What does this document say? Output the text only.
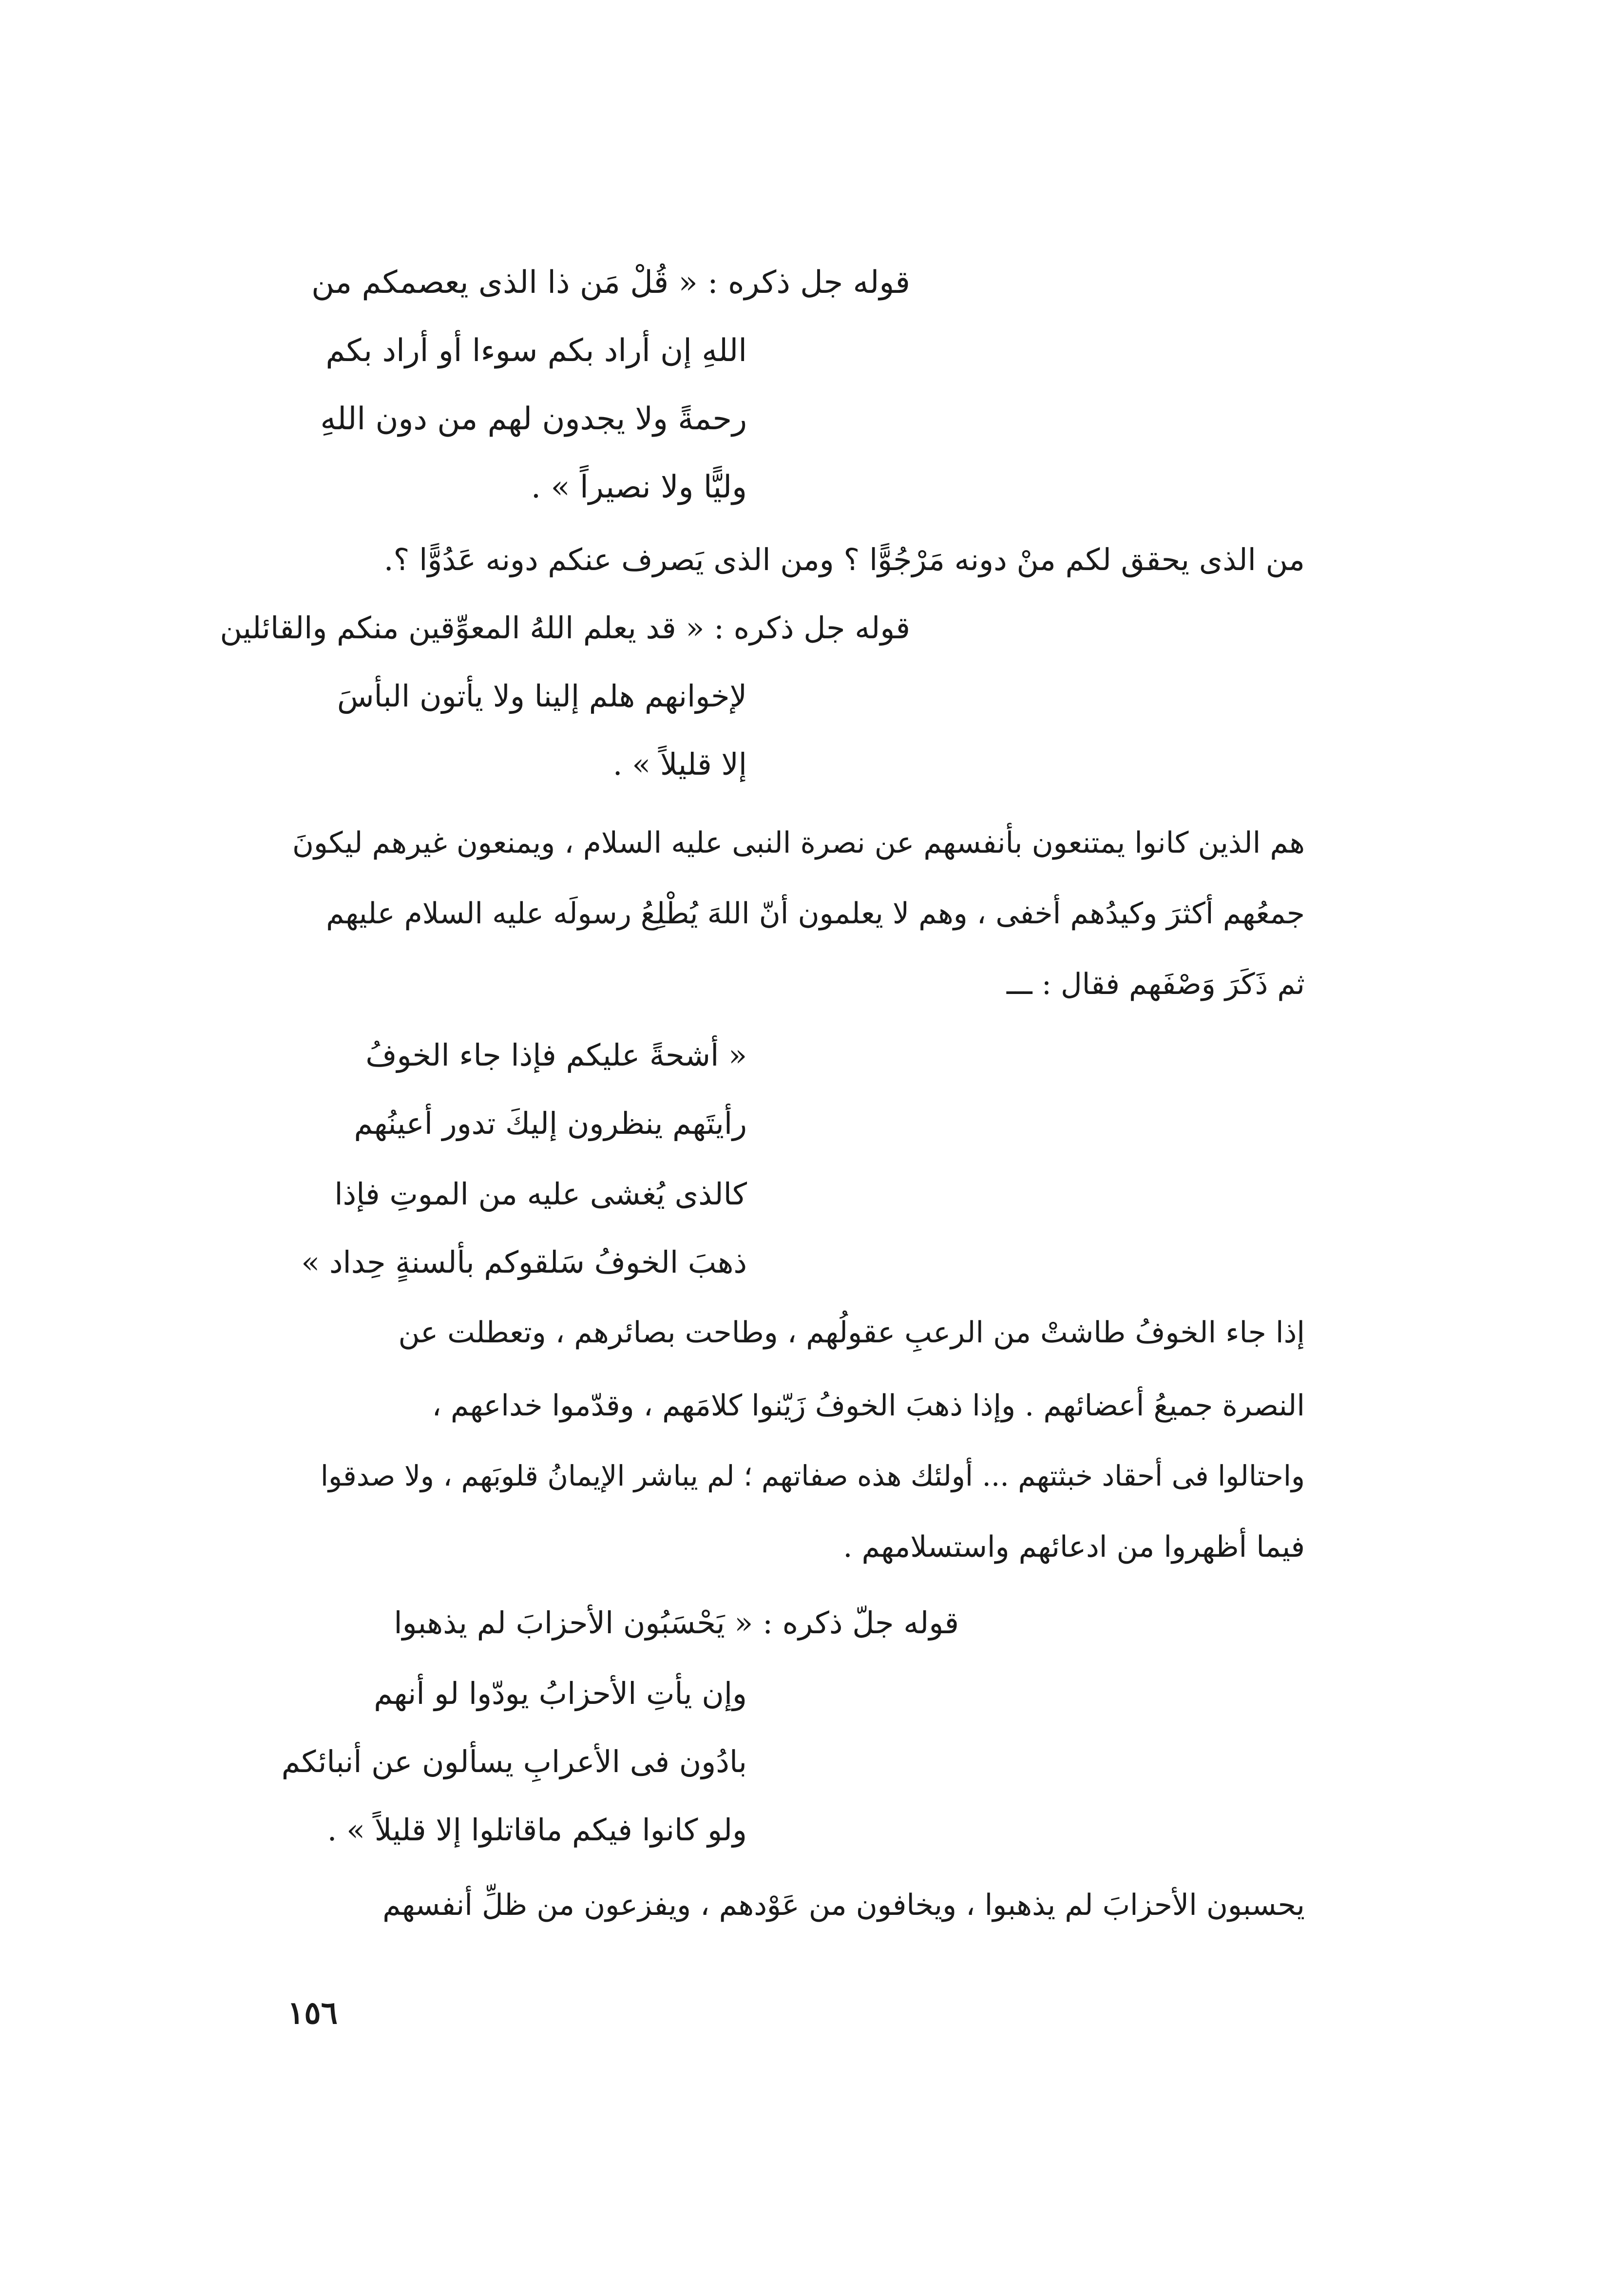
قوله جل ذكره : « قُلْ مَن ذا الذى يعصمكم من
اللهِ إن أراد بكم سوءا أو أراد بكم
رحمةً ولا يجدون لهم من دون اللهِ
وليًّا ولا نصيراً » .
من الذى يحقق لكم منْ دونه مَرْجُوًّا ؟ ومن الذى يَصرف عنكم دونه عَدُوًّا ؟.
قوله جل ذكره : « قد يعلم اللهُ المعوِّقين منكم والقائلين
لإخوانهم هلم إلينا ولا يأتون البأسَ
إلا قليلاً » .
هم الذين كانوا يمتنعون بأنفسهم عن نصرة النبى عليه السلام ، ويمنعون غيرهم ليكونَ
جمعُهم أكثرَ وكيدُهم أخفى ، وهم لا يعلمون أنّ اللهَ يُطْلِعُ رسولَه عليه السلام عليهم
ثم ذَكَرَ وَصْفَهم فقال : ـــ
« أشحةً عليكم فإذا جاء الخوفُ
رأيتَهم ينظرون إليكَ تدور أعينُهم
كالذى يُغشى عليه من الموتِ فإذا
ذهبَ الخوفُ سَلقوكم بألسنةٍ حِداد »
إذا جاء الخوفُ طاشتْ من الرعبِ عقولُهم ، وطاحت بصائرهم ، وتعطلت عن
النصرة جميعُ أعضائهم . وإذا ذهبَ الخوفُ زَيّنوا كلامَهم ، وقدّموا خداعهم ،
واحتالوا فى أحقاد خبثتهم ... أولئك هذه صفاتهم ؛ لم يباشر الإيمانُ قلوبَهم ، ولا صدقوا
فيما أظهروا من ادعائهم واستسلامهم .
قوله جلّ ذكره : « يَحْسَبُون الأحزابَ لم يذهبوا
وإن يأتِ الأحزابُ يودّوا لو أنهم
بادُون فى الأعرابِ يسألون عن أنبائكم
ولو كانوا فيكم ماقاتلوا إلا قليلاً » .
يحسبون الأحزابَ لم يذهبوا ، ويخافون من عَوْدهم ، ويفزعون من ظلِّ أنفسهم
١٥٦
